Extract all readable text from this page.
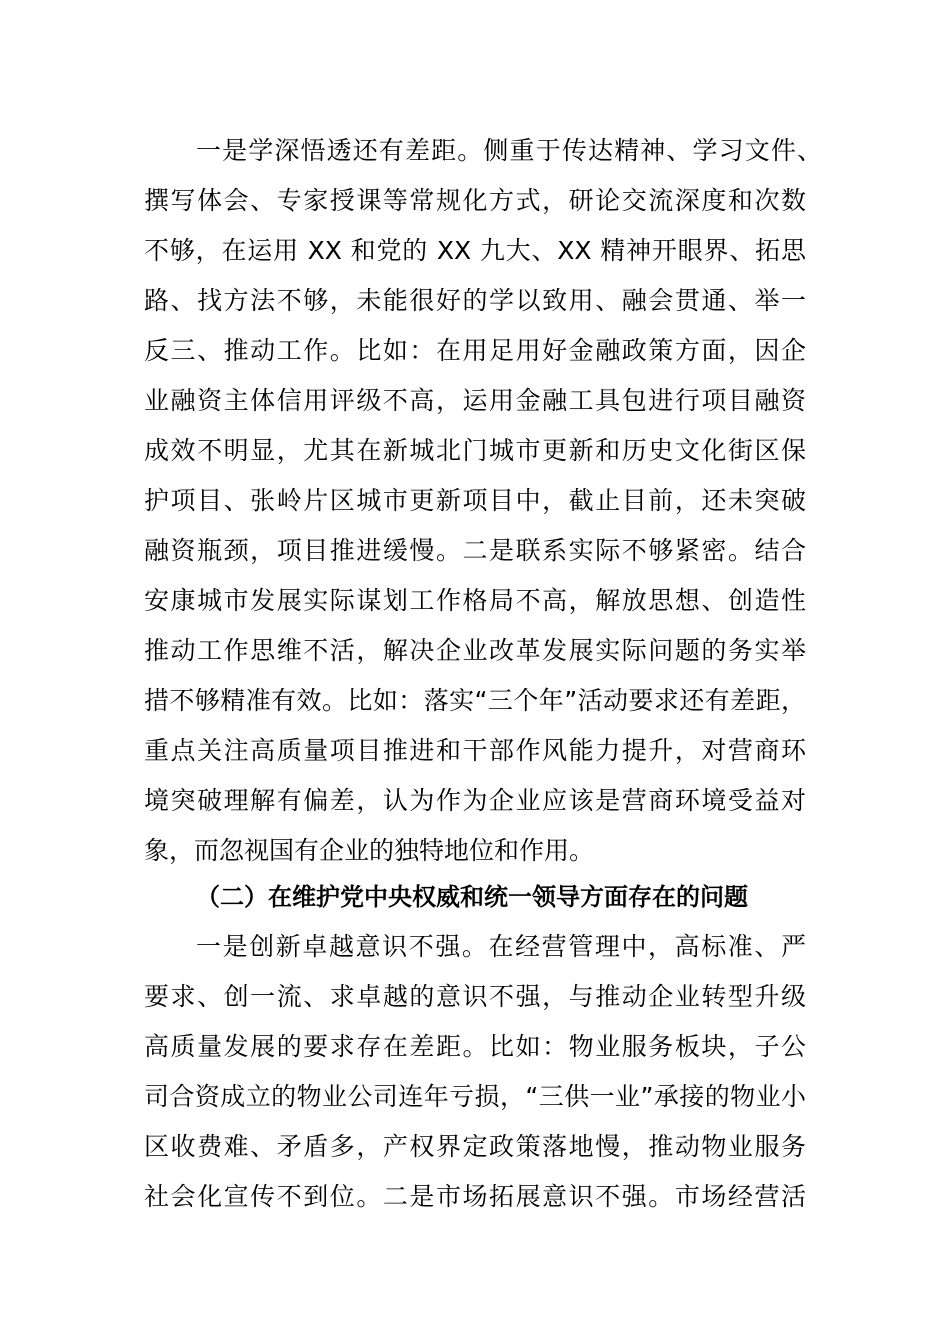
一是学深悟透还有差距。侧重于传达精神、学习文件、
撰写体会、专家授课等常规化方式，研论交流深度和次数
不够，在运用 XX 和党的 XX 九大、XX 精神开眼界、拓思
路、找方法不够，未能很好的学以致用、融会贯通、举一
反三、推动工作。比如：在用足用好金融政策方面，因企
业融资主体信用评级不高，运用金融工具包进行项目融资
成效不明显，尤其在新城北门城市更新和历史文化街区保
护项目、张岭片区城市更新项目中，截止目前，还未突破
融资瓶颈，项目推进缓慢。二是联系实际不够紧密。结合
安康城市发展实际谋划工作格局不高，解放思想、创造性
推动工作思维不活，解决企业改革发展实际问题的务实举
措不够精准有效。比如：落实“三个年”活动要求还有差距，
重点关注高质量项目推进和干部作风能力提升，对营商环
境突破理解有偏差，认为作为企业应该是营商环境受益对
象，而忽视国有企业的独特地位和作用。
（二）在维护党中央权威和统一领导方面存在的问题
一是创新卓越意识不强。在经营管理中，高标准、严
要求、创一流、求卓越的意识不强，与推动企业转型升级
高质量发展的要求存在差距。比如：物业服务板块，子公
司合资成立的物业公司连年亏损，“三供一业”承接的物业小
区收费难、矛盾多，产权界定政策落地慢，推动物业服务
社会化宣传不到位。二是市场拓展意识不强。市场经营活
